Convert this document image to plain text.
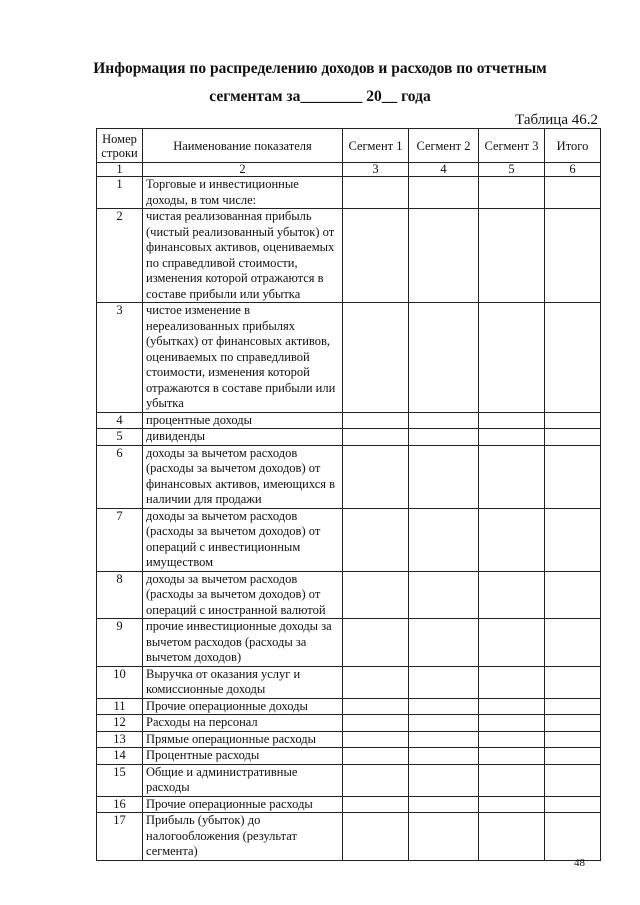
Информация по распределению доходов и расходов по отчетным
сегментам за________ 20__ года
Таблица 46.2
Номер строки	Наименование показателя	Сегмент 1	Сегмент 2	Сегмент 3	Итого
1	2	3	4	5	6
1	Торговые и инвестиционные доходы, в том числе:				
2	чистая реализованная прибыль (чистый реализованный убыток) от финансовых активов, оцениваемых по справедливой стоимости, изменения которой отражаются в составе прибыли или убытка				
3	чистое изменение в нереализованных прибылях (убытках) от финансовых активов, оцениваемых по справедливой стоимости, изменения которой отражаются в составе прибыли или убытка				
4	процентные доходы				
5	дивиденды				
6	доходы за вычетом расходов (расходы за вычетом доходов) от финансовых активов, имеющихся в наличии для продажи				
7	доходы за вычетом расходов (расходы за вычетом доходов) от операций с инвестиционным имуществом				
8	доходы за вычетом расходов (расходы за вычетом доходов) от операций с иностранной валютой				
9	прочие инвестиционные доходы за вычетом расходов (расходы за вычетом доходов)				
10	Выручка от оказания услуг и комиссионные доходы				
11	Прочие операционные доходы				
12	Расходы на персонал				
13	Прямые операционные расходы				
14	Процентные расходы				
15	Общие и административные расходы				
16	Прочие операционные расходы				
17	Прибыль (убыток) до налогообложения (результат сегмента)				
48
